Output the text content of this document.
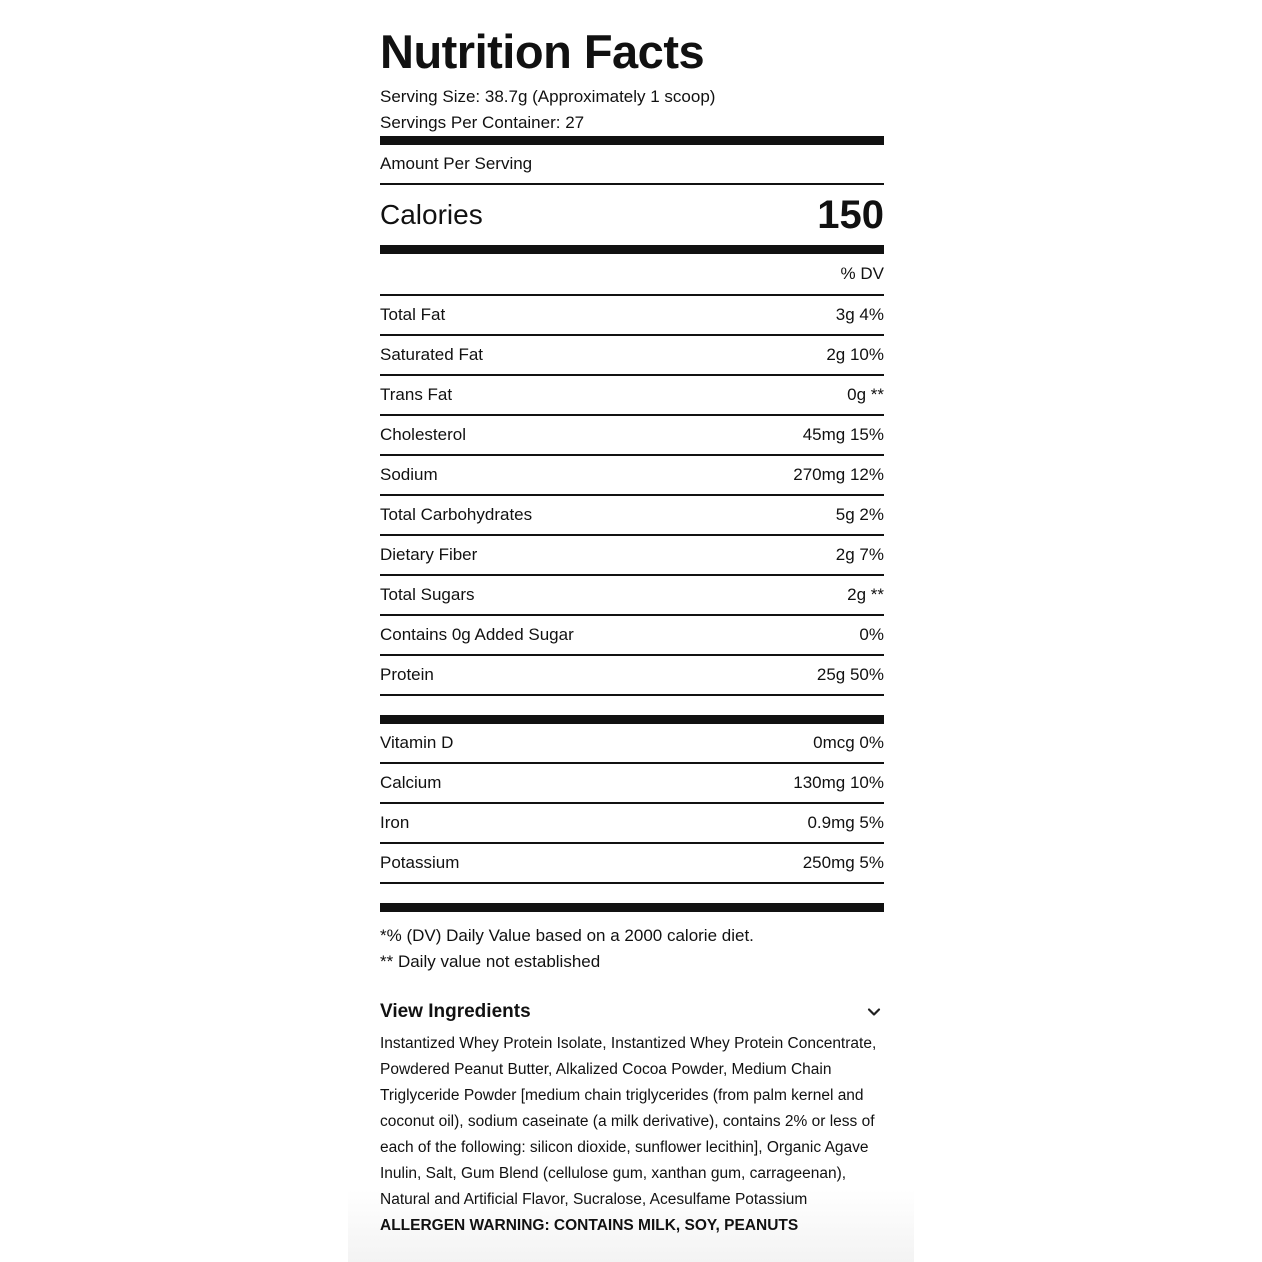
Nutrition Facts
Serving Size: 38.7g (Approximately 1 scoop)
Servings Per Container: 27
Amount Per Serving
Calories	150
% DV
Total Fat	3g 4%
Saturated Fat	2g 10%
Trans Fat	0g **
Cholesterol	45mg 15%
Sodium	270mg 12%
Total Carbohydrates	5g 2%
Dietary Fiber	2g 7%
Total Sugars	2g **
Contains 0g Added Sugar	0%
Protein	25g 50%
Vitamin D	0mcg 0%
Calcium	130mg 10%
Iron	0.9mg 5%
Potassium	250mg 5%
*% (DV) Daily Value based on a 2000 calorie diet.
** Daily value not established
View Ingredients
Instantized Whey Protein Isolate, Instantized Whey Protein Concentrate, Powdered Peanut Butter, Alkalized Cocoa Powder, Medium Chain Triglyceride Powder [medium chain triglycerides (from palm kernel and coconut oil), sodium caseinate (a milk derivative), contains 2% or less of each of the following: silicon dioxide, sunflower lecithin], Organic Agave Inulin, Salt, Gum Blend (cellulose gum, xanthan gum, carrageenan), Natural and Artificial Flavor, Sucralose, Acesulfame Potassium
ALLERGEN WARNING: CONTAINS MILK, SOY, PEANUTS
